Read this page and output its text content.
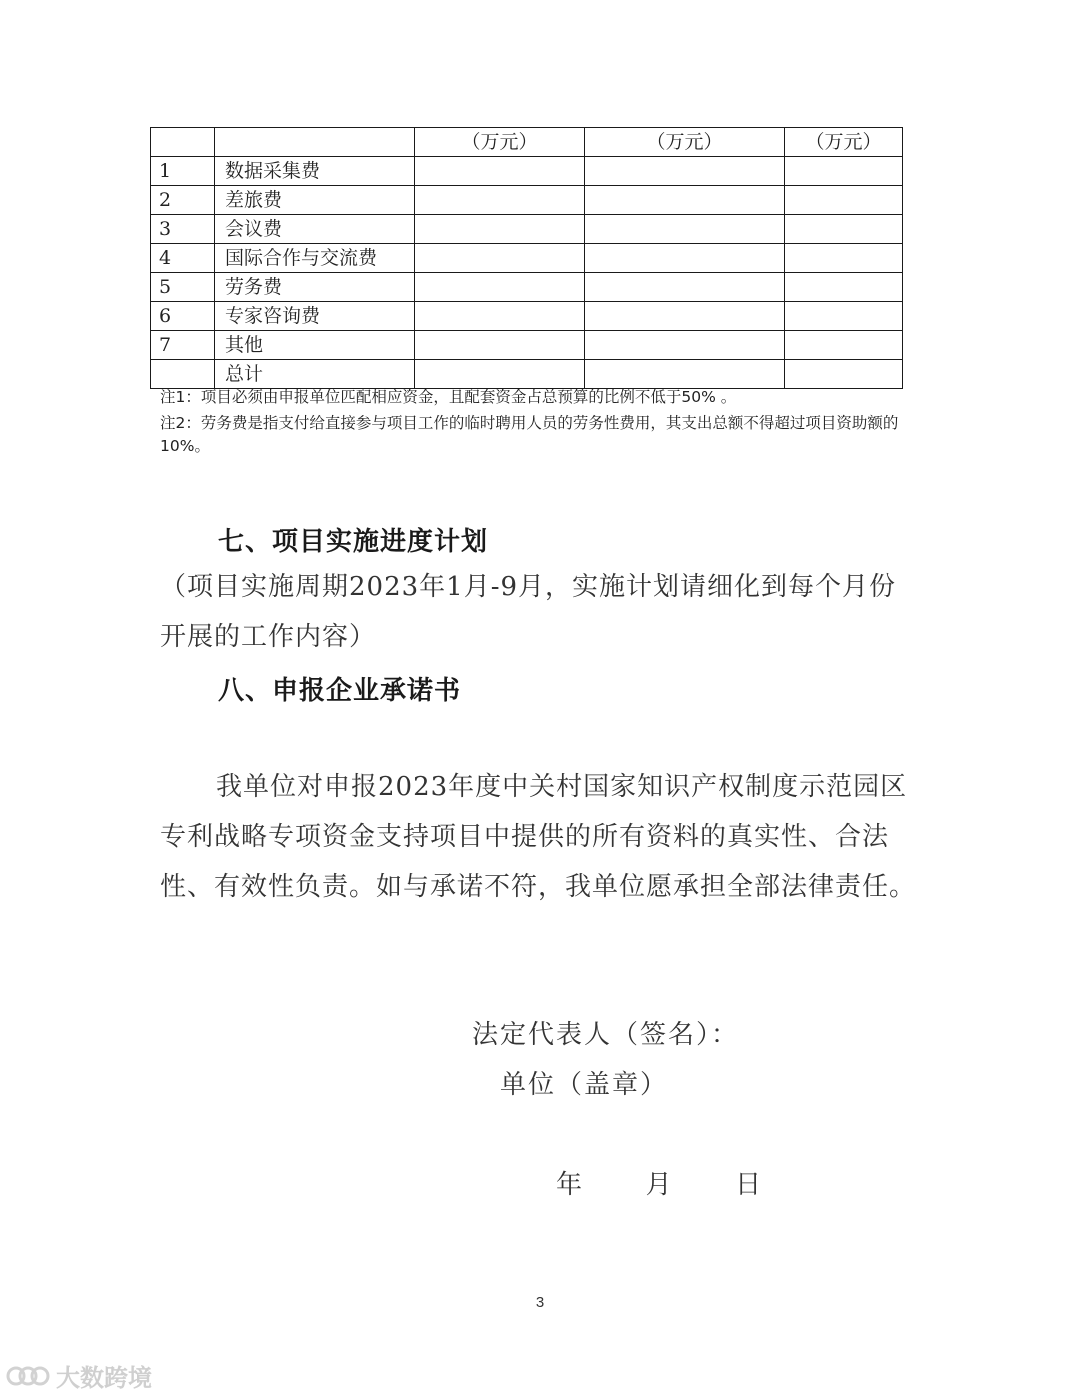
		（万元）	（万元）	（万元）
1	数据采集费			
2	差旅费			
3	会议费			
4	国际合作与交流费			
5	劳务费			
6	专家咨询费			
7	其他			
	总计			
注1：项目必须由申报单位匹配相应资金，且配套资金占总预算的比例不低于50% 。
注2：劳务费是指支付给直接参与项目工作的临时聘用人员的劳务性费用，其支出总额不得超过项目资助额的10%。
七、项目实施进度计划
（项目实施周期2023年1月-9月，实施计划请细化到每个月份开展的工作内容）
八、申报企业承诺书
我单位对申报2023年度中关村国家知识产权制度示范园区专利战略专项资金支持项目中提供的所有资料的真实性、合法性、有效性负责。如与承诺不符，我单位愿承担全部法律责任。
法定代表人（签名）：
单位（盖章）
年      月      日
3
大数跨境
